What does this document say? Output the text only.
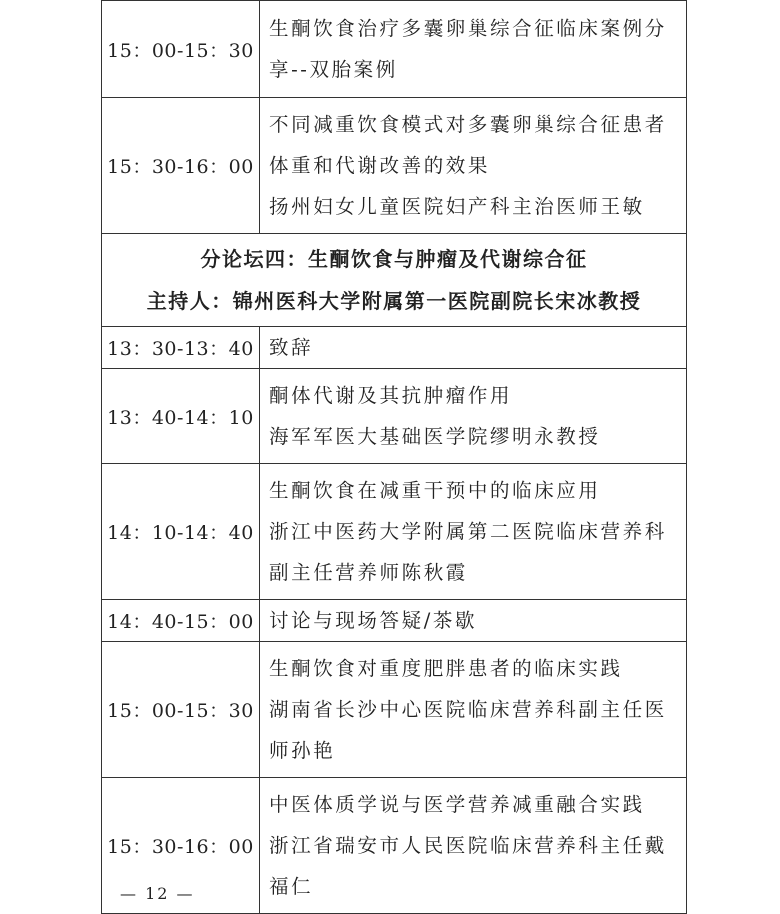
15：00-15：30	生酮饮食治疗多囊卵巢综合征临床案例分
享--双胎案例

15：30-16：00	不同减重饮食模式对多囊卵巢综合征患者
体重和代谢改善的效果
扬州妇女儿童医院妇产科主治医师王敏

分论坛四：生酮饮食与肿瘤及代谢综合征
主持人：锦州医科大学附属第一医院副院长宋冰教授	

13：30-13：40	致辞

13：40-14：10	酮体代谢及其抗肿瘤作用
海军军医大基础医学院缪明永教授

14：10-14：40	生酮饮食在减重干预中的临床应用
浙江中医药大学附属第二医院临床营养科
副主任营养师陈秋霞

14：40-15：00	讨论与现场答疑/茶歇

15：00-15：30	生酮饮食对重度肥胖患者的临床实践
湖南省长沙中心医院临床营养科副主任医
师孙艳

15：30-16：00	中医体质学说与医学营养减重融合实践
浙江省瑞安市人民医院临床营养科主任戴
福仁
— 12 —
